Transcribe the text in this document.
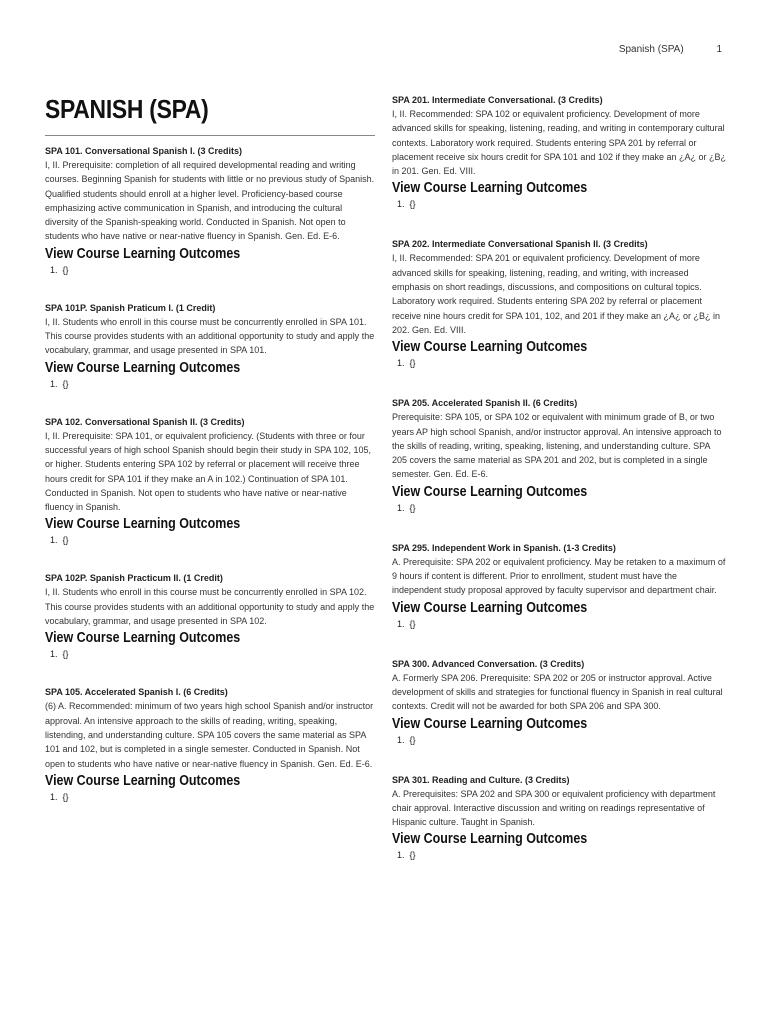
Spanish (SPA)	1
SPANISH (SPA)
SPA 101. Conversational Spanish I. (3 Credits)
I, II. Prerequisite: completion of all required developmental reading and writing courses. Beginning Spanish for students with little or no previous study of Spanish. Qualified students should enroll at a higher level. Proficiency-based course emphasizing active communication in Spanish, and introducing the cultural diversity of the Spanish-speaking world. Conducted in Spanish. Not open to students who have native or near-native fluency in Spanish. Gen. Ed. E-6.
View Course Learning Outcomes
1. {}
SPA 101P. Spanish Praticum I. (1 Credit)
I, II. Students who enroll in this course must be concurrently enrolled in SPA 101. This course provides students with an additional opportunity to study and apply the vocabulary, grammar, and usage presented in SPA 101.
View Course Learning Outcomes
1. {}
SPA 102. Conversational Spanish II. (3 Credits)
I, II. Prerequisite: SPA 101, or equivalent proficiency. (Students with three or four successful years of high school Spanish should begin their study in SPA 102, 105, or higher. Students entering SPA 102 by referral or placement will receive three hours credit for SPA 101 if they make an A in 102.) Continuation of SPA 101. Conducted in Spanish. Not open to students who have native or near-native fluency in Spanish.
View Course Learning Outcomes
1. {}
SPA 102P. Spanish Practicum II. (1 Credit)
I, II. Students who enroll in this course must be concurrently enrolled in SPA 102. This course provides students with an additional opportunity to study and apply the vocabulary, grammar, and usage presented in SPA 102.
View Course Learning Outcomes
1. {}
SPA 105. Accelerated Spanish I. (6 Credits)
(6) A. Recommended: minimum of two years high school Spanish and/or instructor approval. An intensive approach to the skills of reading, writing, speaking, listending, and understanding culture. SPA 105 covers the same material as SPA 101 and 102, but is completed in a single semester. Conducted in Spanish. Not open to students who have native or near-native fluency in Spanish. Gen. Ed. E-6.
View Course Learning Outcomes
1. {}
SPA 201. Intermediate Conversational. (3 Credits)
I, II. Recommended: SPA 102 or equivalent proficiency. Development of more advanced skills for speaking, listening, reading, and writing in contemporary cultural contexts. Laboratory work required. Students entering SPA 201 by referral or placement receive six hours credit for SPA 101 and 102 if they make an ¿A¿ or ¿B¿ in 201. Gen. Ed. VIII.
View Course Learning Outcomes
1. {}
SPA 202. Intermediate Conversational Spanish II. (3 Credits)
I, II. Recommended: SPA 201 or equivalent proficiency. Development of more advanced skills for speaking, listening, reading, and writing, with increased emphasis on short readings, discussions, and compositions on cultural topics. Laboratory work required. Students entering SPA 202 by referral or placement receive nine hours credit for SPA 101, 102, and 201 if they make an ¿A¿ or ¿B¿ in 202. Gen. Ed. VIII.
View Course Learning Outcomes
1. {}
SPA 205. Accelerated Spanish II. (6 Credits)
Prerequisite: SPA 105, or SPA 102 or equivalent with minimum grade of B, or two years AP high school Spanish, and/or instructor approval. An intensive approach to the skills of reading, writing, speaking, listening, and understanding culture. SPA 205 covers the same material as SPA 201 and 202, but is completed in a single semester. Gen. Ed. E-6.
View Course Learning Outcomes
1. {}
SPA 295. Independent Work in Spanish. (1-3 Credits)
A. Prerequisite: SPA 202 or equivalent proficiency. May be retaken to a maximum of 9 hours if content is different. Prior to enrollment, student must have the independent study proposal approved by faculty supervisor and department chair.
View Course Learning Outcomes
1. {}
SPA 300. Advanced Conversation. (3 Credits)
A. Formerly SPA 206. Prerequisite: SPA 202 or 205 or instructor approval. Active development of skills and strategies for functional fluency in Spanish in real cultural contexts. Credit will not be awarded for both SPA 206 and SPA 300.
View Course Learning Outcomes
1. {}
SPA 301. Reading and Culture. (3 Credits)
A. Prerequisites: SPA 202 and SPA 300 or equivalent proficiency with department chair approval. Interactive discussion and writing on readings representative of Hispanic culture. Taught in Spanish.
View Course Learning Outcomes
1. {}
